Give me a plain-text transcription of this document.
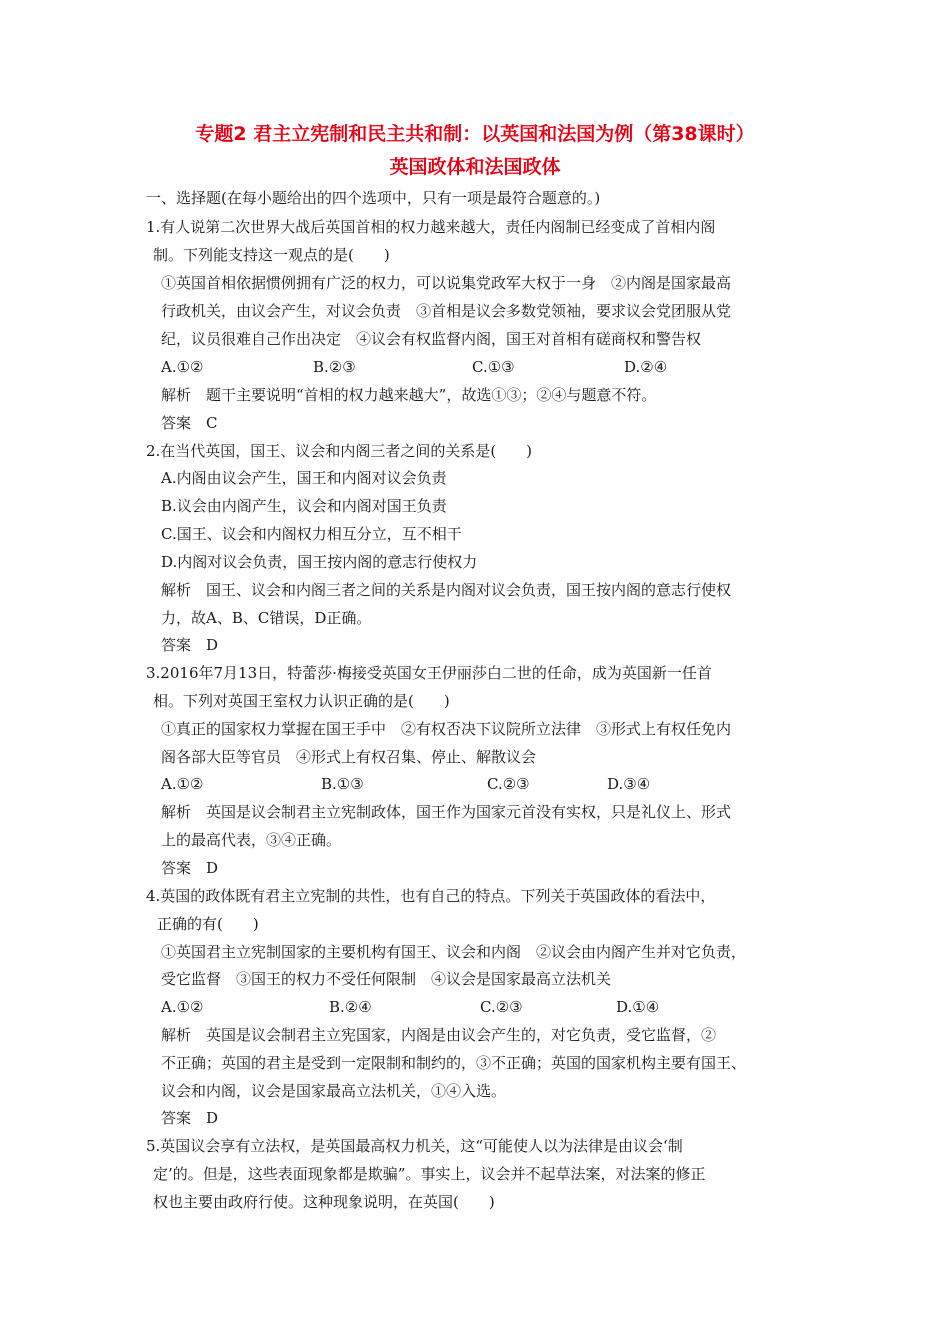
专题2 君主立宪制和民主共和制：以英国和法国为例（第38课时）
英国政体和法国政体
一、选择题(在每小题给出的四个选项中，只有一项是最符合题意的。)
1.有人说第二次世界大战后英国首相的权力越来越大，责任内阁制已经变成了首相内阁
制。下列能支持这一观点的是(　　)
①英国首相依据惯例拥有广泛的权力，可以说集党政军大权于一身　②内阁是国家最高
行政机关，由议会产生，对议会负责　③首相是议会多数党领袖，要求议会党团服从党
纪，议员很难自己作出决定　④议会有权监督内阁，国王对首相有磋商权和警告权
A.①②	B.②③	C.①③	D.②④
解析　题干主要说明“首相的权力越来越大”，故选①③；②④与题意不符。
答案　C
2.在当代英国，国王、议会和内阁三者之间的关系是(　　)
A.内阁由议会产生，国王和内阁对议会负责
B.议会由内阁产生，议会和内阁对国王负责
C.国王、议会和内阁权力相互分立，互不相干
D.内阁对议会负责，国王按内阁的意志行使权力
解析　国王、议会和内阁三者之间的关系是内阁对议会负责，国王按内阁的意志行使权
力，故A、B、C错误，D正确。
答案　D
3.2016年7月13日，特蕾莎·梅接受英国女王伊丽莎白二世的任命，成为英国新一任首
相。下列对英国王室权力认识正确的是(　　)
①真正的国家权力掌握在国王手中　②有权否决下议院所立法律　③形式上有权任免内
阁各部大臣等官员　④形式上有权召集、停止、解散议会
A.①②	B.①③	C.②③	D.③④
解析　英国是议会制君主立宪制政体，国王作为国家元首没有实权，只是礼仪上、形式
上的最高代表，③④正确。
答案　D
4.英国的政体既有君主立宪制的共性，也有自己的特点。下列关于英国政体的看法中，
正确的有(　　)
①英国君主立宪制国家的主要机构有国王、议会和内阁　②议会由内阁产生并对它负责，
受它监督　③国王的权力不受任何限制　④议会是国家最高立法机关
A.①②	B.②④	C.②③	D.①④
解析　英国是议会制君主立宪国家，内阁是由议会产生的，对它负责，受它监督，②
不正确；英国的君主是受到一定限制和制约的，③不正确；英国的国家机构主要有国王、
议会和内阁，议会是国家最高立法机关，①④入选。
答案　D
5.英国议会享有立法权，是英国最高权力机关，这“可能使人以为法律是由议会‘制
定’的。但是，这些表面现象都是欺骗”。事实上，议会并不起草法案，对法案的修正
权也主要由政府行使。这种现象说明，在英国(　　)
